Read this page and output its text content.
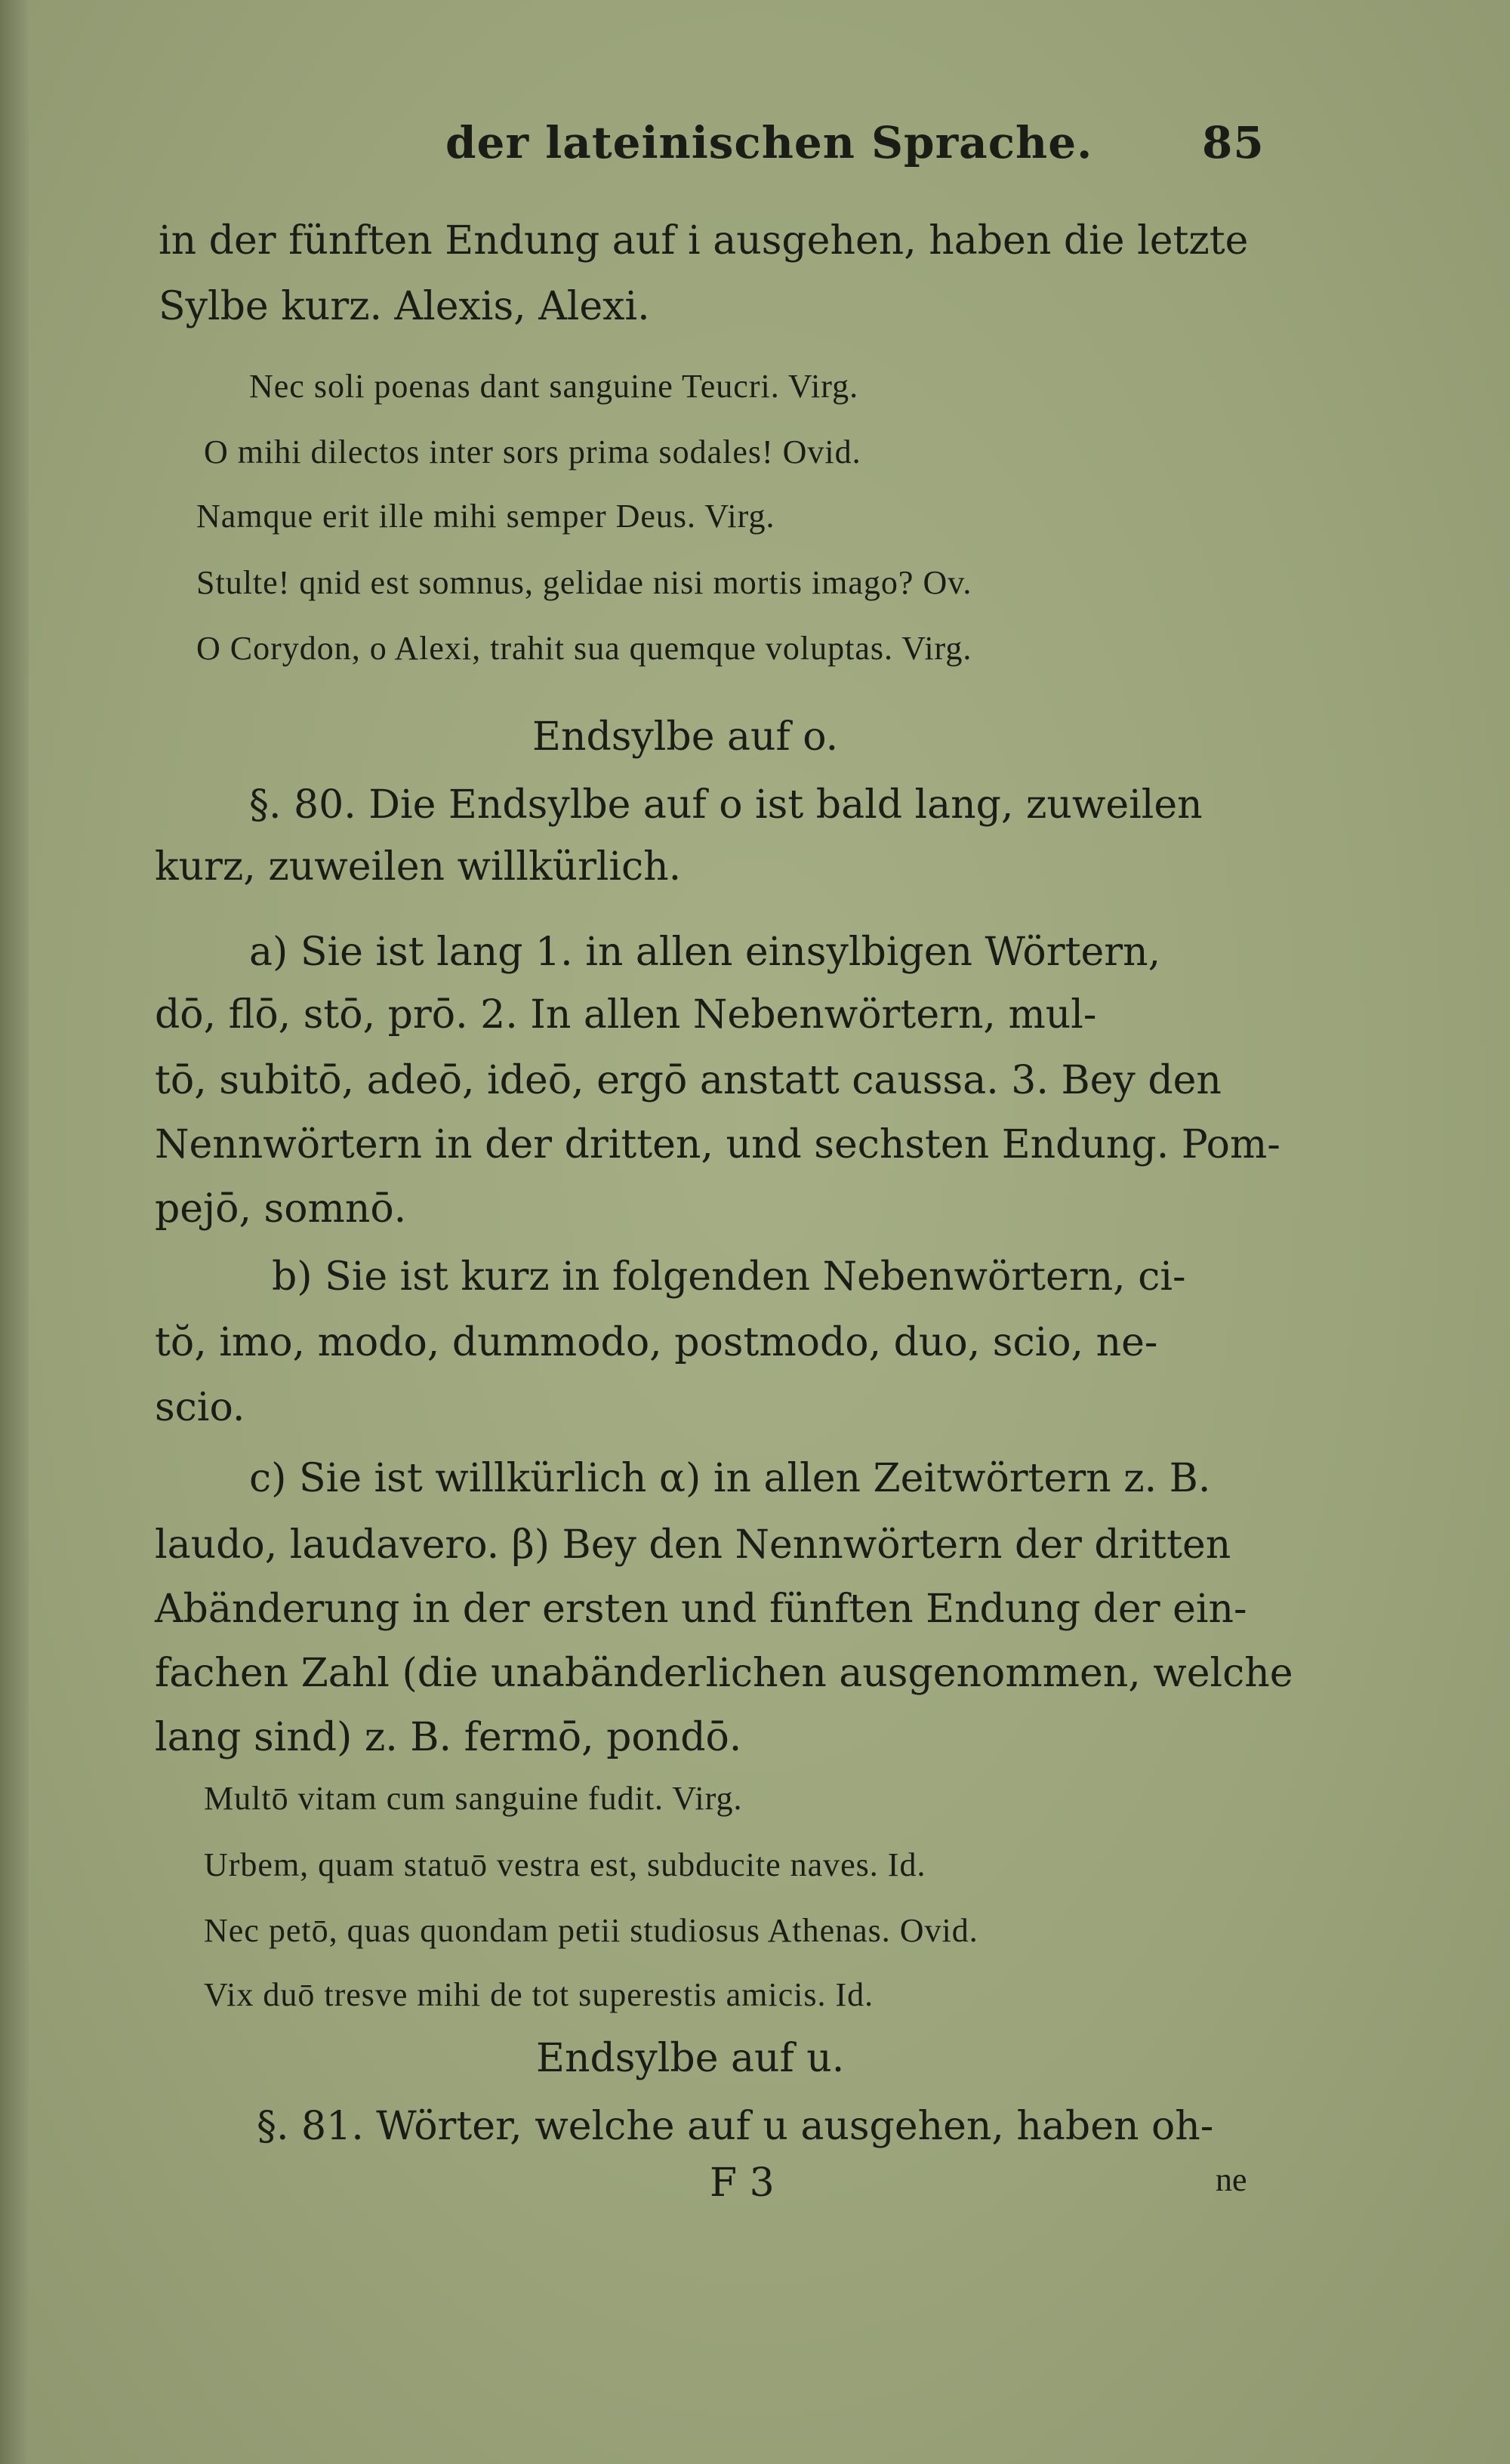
der lateinischen Sprache. 85
in der fünften Endung auf i ausgehen, haben die letzte
Sylbe kurz. Alexis, Alexi.
Nec soli poenas dant sanguine Teucri. Virg.
O mihi dilectos inter sors prima sodales! Ovid.
Namque erit ille mihi semper Deus. Virg.
Stulte! qnid est somnus, gelidae nisi mortis imago? Ov.
O Corydon, o Alexi, trahit sua quemque voluptas. Virg.
Endsylbe auf o.
§. 80. Die Endsylbe auf o ist bald lang, zuweilen
kurz, zuweilen willkürlich.
a) Sie ist lang 1. in allen einsylbigen Wörtern,
dō, flō, stō, prō. 2. In allen Nebenwörtern, mul-
tō, subitō, adeō, ideō, ergō anstatt caussa. 3. Bey den
Nennwörtern in der dritten, und sechsten Endung. Pom-
pejō, somnō.
b) Sie ist kurz in folgenden Nebenwörtern, ci-
tŏ, imo, modo, dummodo, postmodo, duo, scio, ne-
scio.
c) Sie ist willkürlich α) in allen Zeitwörtern z. B.
laudo, laudavero. β) Bey den Nennwörtern der dritten
Abänderung in der ersten und fünften Endung der ein-
fachen Zahl (die unabänderlichen ausgenommen, welche
lang sind) z. B. fermō, pondō.
Multō vitam cum sanguine fudit. Virg.
Urbem, quam statuō vestra est, subducite naves. Id.
Nec petō, quas quondam petii studiosus Athenas. Ovid.
Vix duō tresve mihi de tot superestis amicis. Id.
Endsylbe auf u.
§. 81. Wörter, welche auf u ausgehen, haben oh-
F 3	ne
